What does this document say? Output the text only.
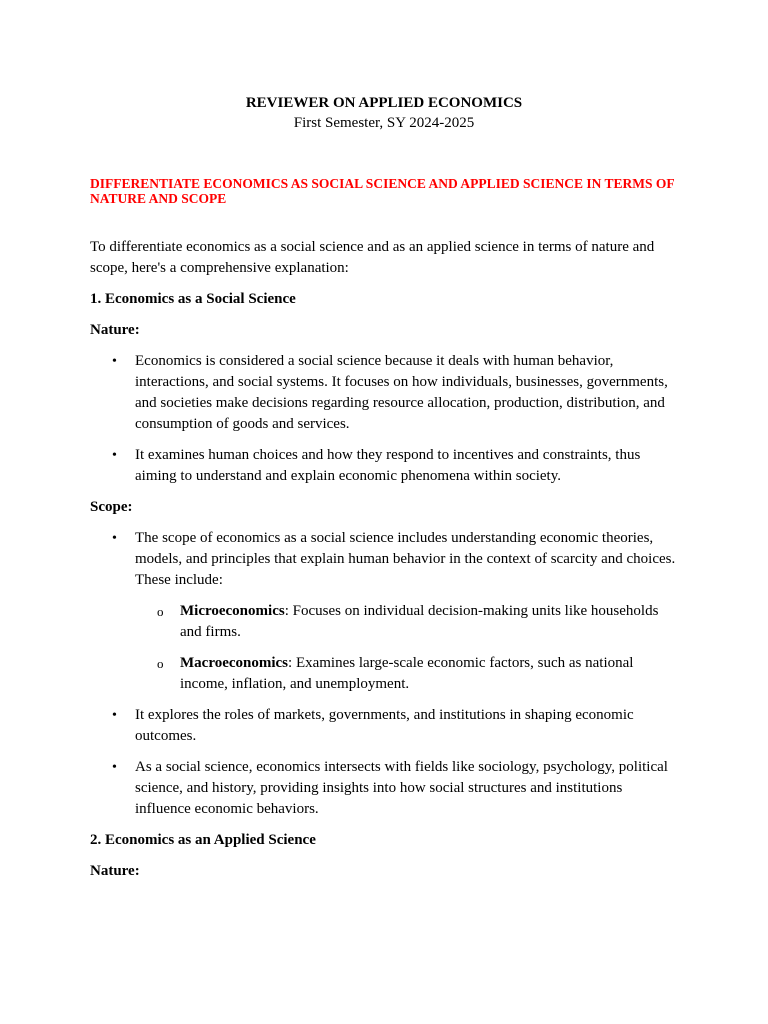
REVIEWER ON APPLIED ECONOMICS

First Semester, SY 2024-2025

DIFFERENTIATE ECONOMICS AS SOCIAL SCIENCE AND APPLIED SCIENCE IN TERMS OF NATURE AND SCOPE

To differentiate economics as a social science and as an applied science in terms of nature and scope, here's a comprehensive explanation:

1. Economics as a Social Science

Nature:

• Economics is considered a social science because it deals with human behavior, interactions, and social systems. It focuses on how individuals, businesses, governments, and societies make decisions regarding resource allocation, production, distribution, and consumption of goods and services.
• It examines human choices and how they respond to incentives and constraints, thus aiming to understand and explain economic phenomena within society.

Scope:

• The scope of economics as a social science includes understanding economic theories, models, and principles that explain human behavior in the context of scarcity and choices. These include:
o Microeconomics: Focuses on individual decision-making units like households and firms.
o Macroeconomics: Examines large-scale economic factors, such as national income, inflation, and unemployment.
• It explores the roles of markets, governments, and institutions in shaping economic outcomes.
• As a social science, economics intersects with fields like sociology, psychology, political science, and history, providing insights into how social structures and institutions influence economic behaviors.

2. Economics as an Applied Science

Nature:
